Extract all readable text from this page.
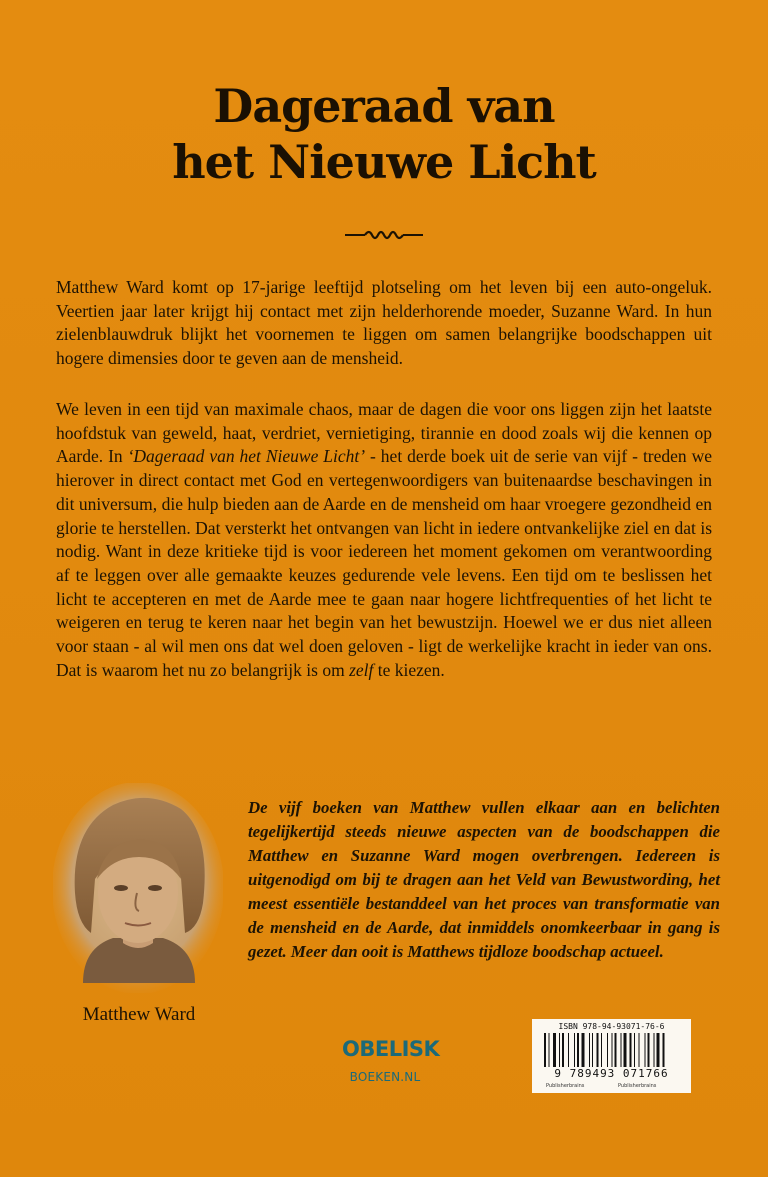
Dageraad van
het Nieuwe Licht

Matthew Ward komt op 17-jarige leeftijd plotseling om het leven bij een auto-ongeluk. Veertien jaar later krijgt hij contact met zijn helderhorende moeder, Suzanne Ward. In hun zielenblauwdruk blijkt het voornemen te liggen om samen belangrijke boodschappen uit hogere dimensies door te geven aan de mensheid.

We leven in een tijd van maximale chaos, maar de dagen die voor ons liggen zijn het laatste hoofdstuk van geweld, haat, verdriet, vernietiging, tirannie en dood zoals wij die kennen op Aarde. In ‘Dageraad van het Nieuwe Licht’ - het derde boek uit de serie van vijf - treden we hierover in direct contact met God en vertegenwoordigers van buitenaardse beschavingen in dit universum, die hulp bieden aan de Aarde en de mensheid om haar vroegere gezondheid en glorie te herstellen. Dat versterkt het ontvangen van licht in iedere ontvankelijke ziel en dat is nodig. Want in deze kritieke tijd is voor iedereen het moment gekomen om verantwoording af te leggen over alle gemaakte keuzes gedurende vele levens. Een tijd om te beslissen het licht te accepteren en met de Aarde mee te gaan naar hogere lichtfrequenties of het licht te weigeren en terug te keren naar het begin van het bewustzijn. Hoewel we er dus niet alleen voor staan - al wil men ons dat wel doen geloven - ligt de werkelijke kracht in ieder van ons. Dat is waarom het nu zo belangrijk is om zelf te kiezen.

Matthew Ward

De vijf boeken van Matthew vullen elkaar aan en belichten tegelijkertijd steeds nieuwe aspecten van de boodschappen die Matthew en Suzanne Ward mogen overbrengen. Iedereen is uitgenodigd om bij te dragen aan het Veld van Bewustwording, het meest essentiële bestanddeel van het proces van transformatie van de mensheid en de Aarde, dat inmiddels onomkeerbaar in gang is gezet. Meer dan ooit is Matthews tijdloze boodschap actueel.

OBELISK
BOEKEN.NL
ISBN 978-94-93071-76-6
9 789493 071766
Publisherbrains	Publisherbrains
